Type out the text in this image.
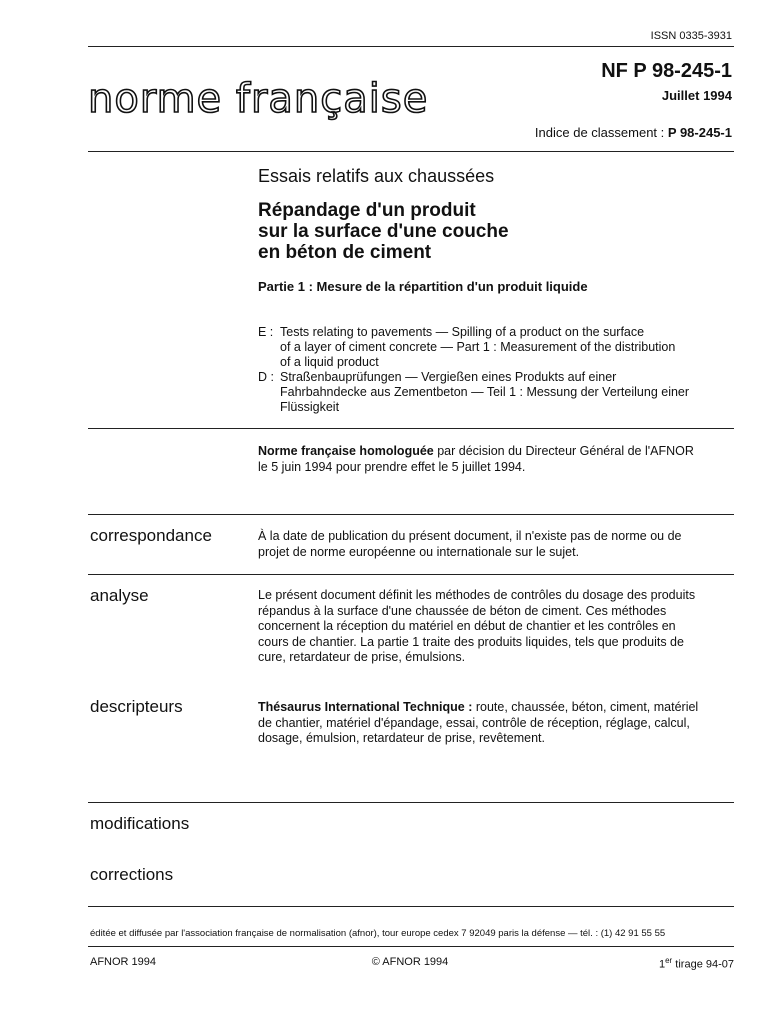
ISSN 0335-3931
norme française
NF P 98-245-1
Juillet 1994
Indice de classement : P 98-245-1
Essais relatifs aux chaussées
Répandage d'un produit
sur la surface d'une couche
en béton de ciment
Partie 1 : Mesure de la répartition d'un produit liquide
E : Tests relating to pavements — Spilling of a product on the surface
of a layer of ciment concrete — Part 1 : Measurement of the distribution
of a liquid product
D : Straßenbauprüfungen — Vergießen eines Produkts auf einer
Fahrbahndecke aus Zementbeton — Teil 1 : Messung der Verteilung einer
Flüssigkeit
Norme française homologuée par décision du Directeur Général de l'AFNOR
le 5 juin 1994 pour prendre effet le 5 juillet 1994.
correspondance	À la date de publication du présent document, il n'existe pas de norme ou de
projet de norme européenne ou internationale sur le sujet.
analyse	Le présent document définit les méthodes de contrôles du dosage des produits
répandus à la surface d'une chaussée de béton de ciment. Ces méthodes
concernent la réception du matériel en début de chantier et les contrôles en
cours de chantier. La partie 1 traite des produits liquides, tels que produits de
cure, retardateur de prise, émulsions.
descripteurs	Thésaurus International Technique : route, chaussée, béton, ciment, matériel
de chantier, matériel d'épandage, essai, contrôle de réception, réglage, calcul,
dosage, émulsion, retardateur de prise, revêtement.
modifications
corrections
éditée et diffusée par l'association française de normalisation (afnor), tour europe cedex 7 92049 paris la défense — tél. : (1) 42 91 55 55
AFNOR 1994	© AFNOR 1994	1er tirage 94-07
